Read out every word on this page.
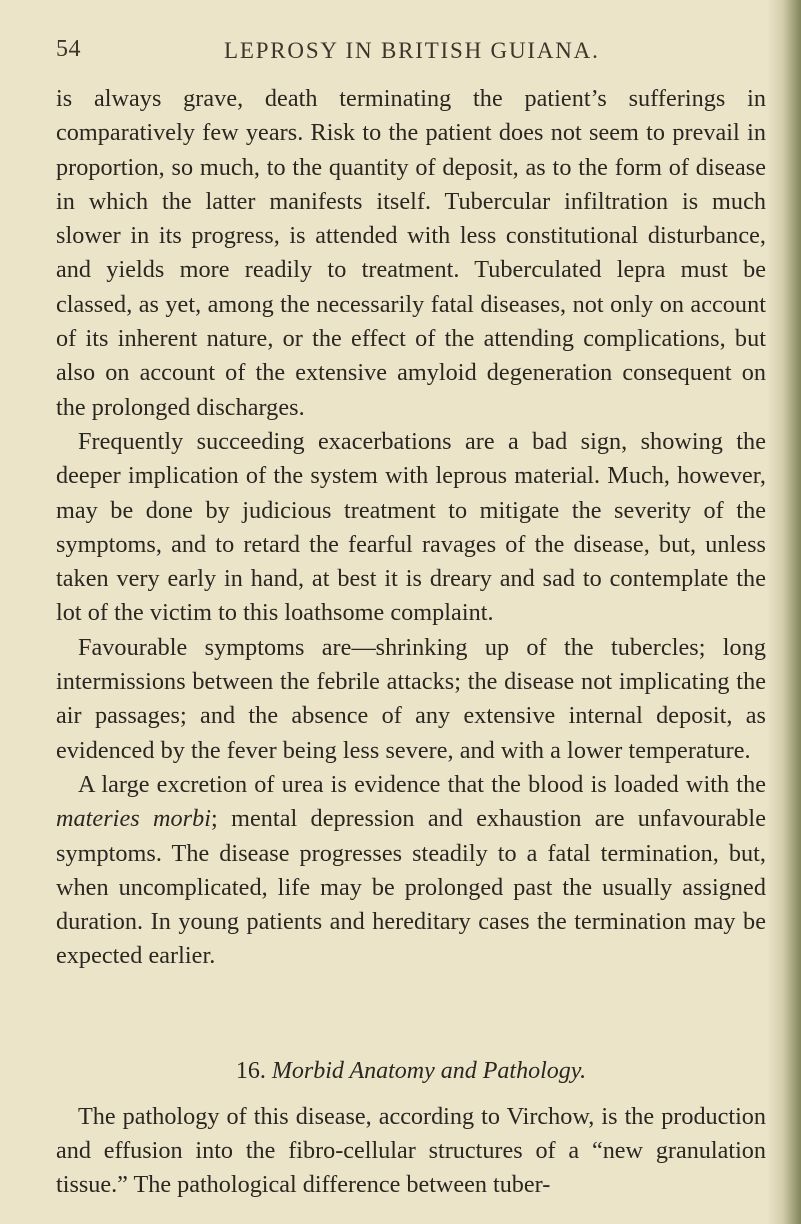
54	LEPROSY IN BRITISH GUIANA.

is always grave, death terminating the patient’s sufferings in comparatively few years. Risk to the patient does not seem to prevail in proportion, so much, to the quantity of deposit, as to the form of disease in which the latter manifests itself. Tubercular infiltration is much slower in its progress, is attended with less constitutional disturbance, and yields more readily to treatment. Tuberculated lepra must be classed, as yet, among the necessarily fatal diseases, not only on account of its inherent nature, or the effect of the attending complications, but also on account of the extensive amyloid degeneration consequent on the prolonged discharges.

Frequently succeeding exacerbations are a bad sign, showing the deeper implication of the system with leprous material. Much, however, may be done by judicious treatment to mitigate the severity of the symptoms, and to retard the fearful ravages of the disease, but, unless taken very early in hand, at best it is dreary and sad to contemplate the lot of the victim to this loathsome complaint.

Favourable symptoms are—shrinking up of the tubercles; long intermissions between the febrile attacks; the disease not implicating the air passages; and the absence of any extensive internal deposit, as evidenced by the fever being less severe, and with a lower temperature.

A large excretion of urea is evidence that the blood is loaded with the materies morbi; mental depression and exhaustion are unfavourable symptoms. The disease progresses steadily to a fatal termination, but, when uncomplicated, life may be prolonged past the usually assigned duration. In young patients and hereditary cases the termination may be expected earlier.

16. Morbid Anatomy and Pathology.

The pathology of this disease, according to Virchow, is the production and effusion into the fibro-cellular structures of a “new granulation tissue.” The pathological difference between tuber-
